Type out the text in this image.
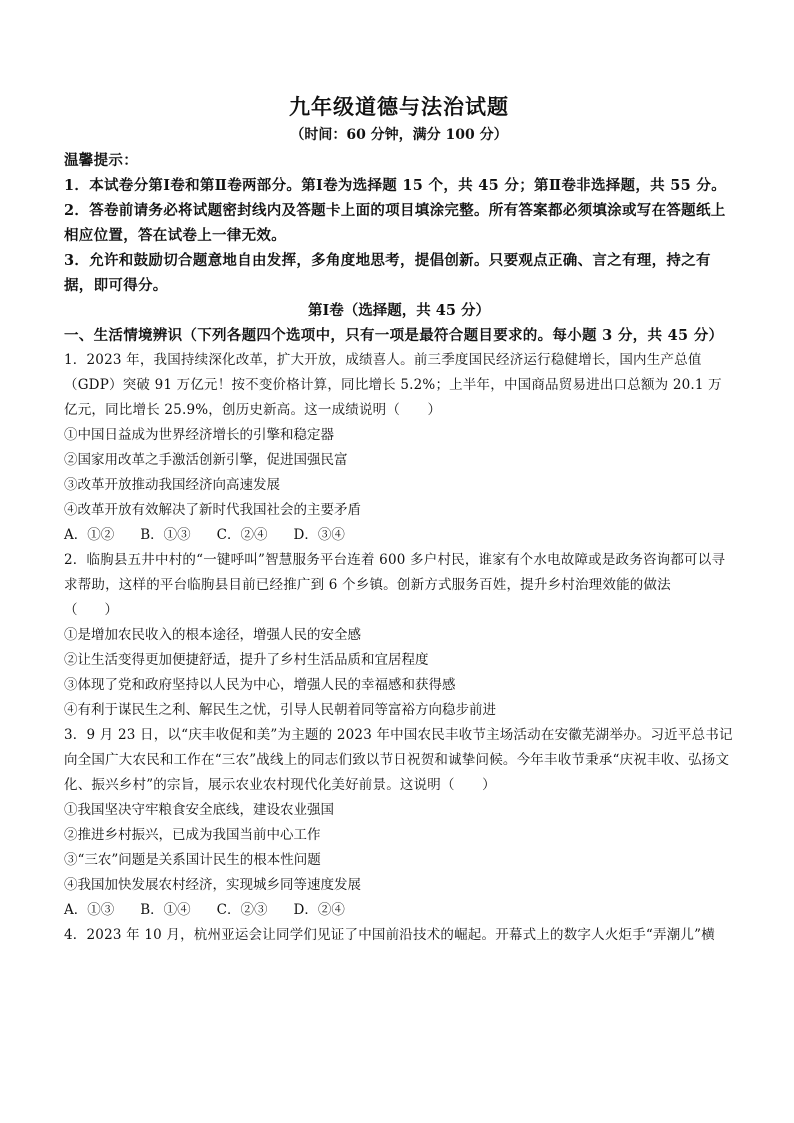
九年级道德与法治试题
（时间：60 分钟，满分 100 分）
温馨提示：
1．本试卷分第Ⅰ卷和第Ⅱ卷两部分。第Ⅰ卷为选择题 15 个，共 45 分；第Ⅱ卷非选择题，共 55 分。
2．答卷前请务必将试题密封线内及答题卡上面的项目填涂完整。所有答案都必须填涂或写在答题纸上相应位置，答在试卷上一律无效。
3．允许和鼓励切合题意地自由发挥，多角度地思考，提倡创新。只要观点正确、言之有理，持之有据，即可得分。
第Ⅰ卷（选择题，共 45 分）
一、生活情境辨识（下列各题四个选项中，只有一项是最符合题目要求的。每小题 3 分，共 45 分）
1．2023 年，我国持续深化改革，扩大开放，成绩喜人。前三季度国民经济运行稳健增长，国内生产总值（GDP）突破 91 万亿元！按不变价格计算，同比增长 5.2%；上半年，中国商品贸易进出口总额为 20.1 万亿元，同比增长 25.9%，创历史新高。这一成绩说明（　　）
①中国日益成为世界经济增长的引擎和稳定器
②国家用改革之手激活创新引擎，促进国强民富
③改革开放推动我国经济向高速发展
④改革开放有效解决了新时代我国社会的主要矛盾
A．①② B．①③ C．②④ D．③④
2．临朐县五井中村的“一键呼叫”智慧服务平台连着 600 多户村民，谁家有个水电故障或是政务咨询都可以寻求帮助，这样的平台临朐县目前已经推广到 6 个乡镇。创新方式服务百姓，提升乡村治理效能的做法
（　　）
①是增加农民收入的根本途径，增强人民的安全感
②让生活变得更加便捷舒适，提升了乡村生活品质和宜居程度
③体现了党和政府坚持以人民为中心，增强人民的幸福感和获得感
④有利于谋民生之利、解民生之忧，引导人民朝着同等富裕方向稳步前进
3．9 月 23 日，以“庆丰收促和美”为主题的 2023 年中国农民丰收节主场活动在安徽芜湖举办。习近平总书记向全国广大农民和工作在“三农”战线上的同志们致以节日祝贺和诚挚问候。今年丰收节秉承“庆祝丰收、弘扬文化、振兴乡村”的宗旨，展示农业农村现代化美好前景。这说明（　　）
①我国坚决守牢粮食安全底线，建设农业强国
②推进乡村振兴，已成为我国当前中心工作
③“三农”问题是关系国计民生的根本性问题
④我国加快发展农村经济，实现城乡同等速度发展
A．①③ B．①④ C．②③ D．②④
4．2023 年 10 月，杭州亚运会让同学们见证了中国前沿技术的崛起。开幕式上的数字人火炬手“弄潮儿”横
